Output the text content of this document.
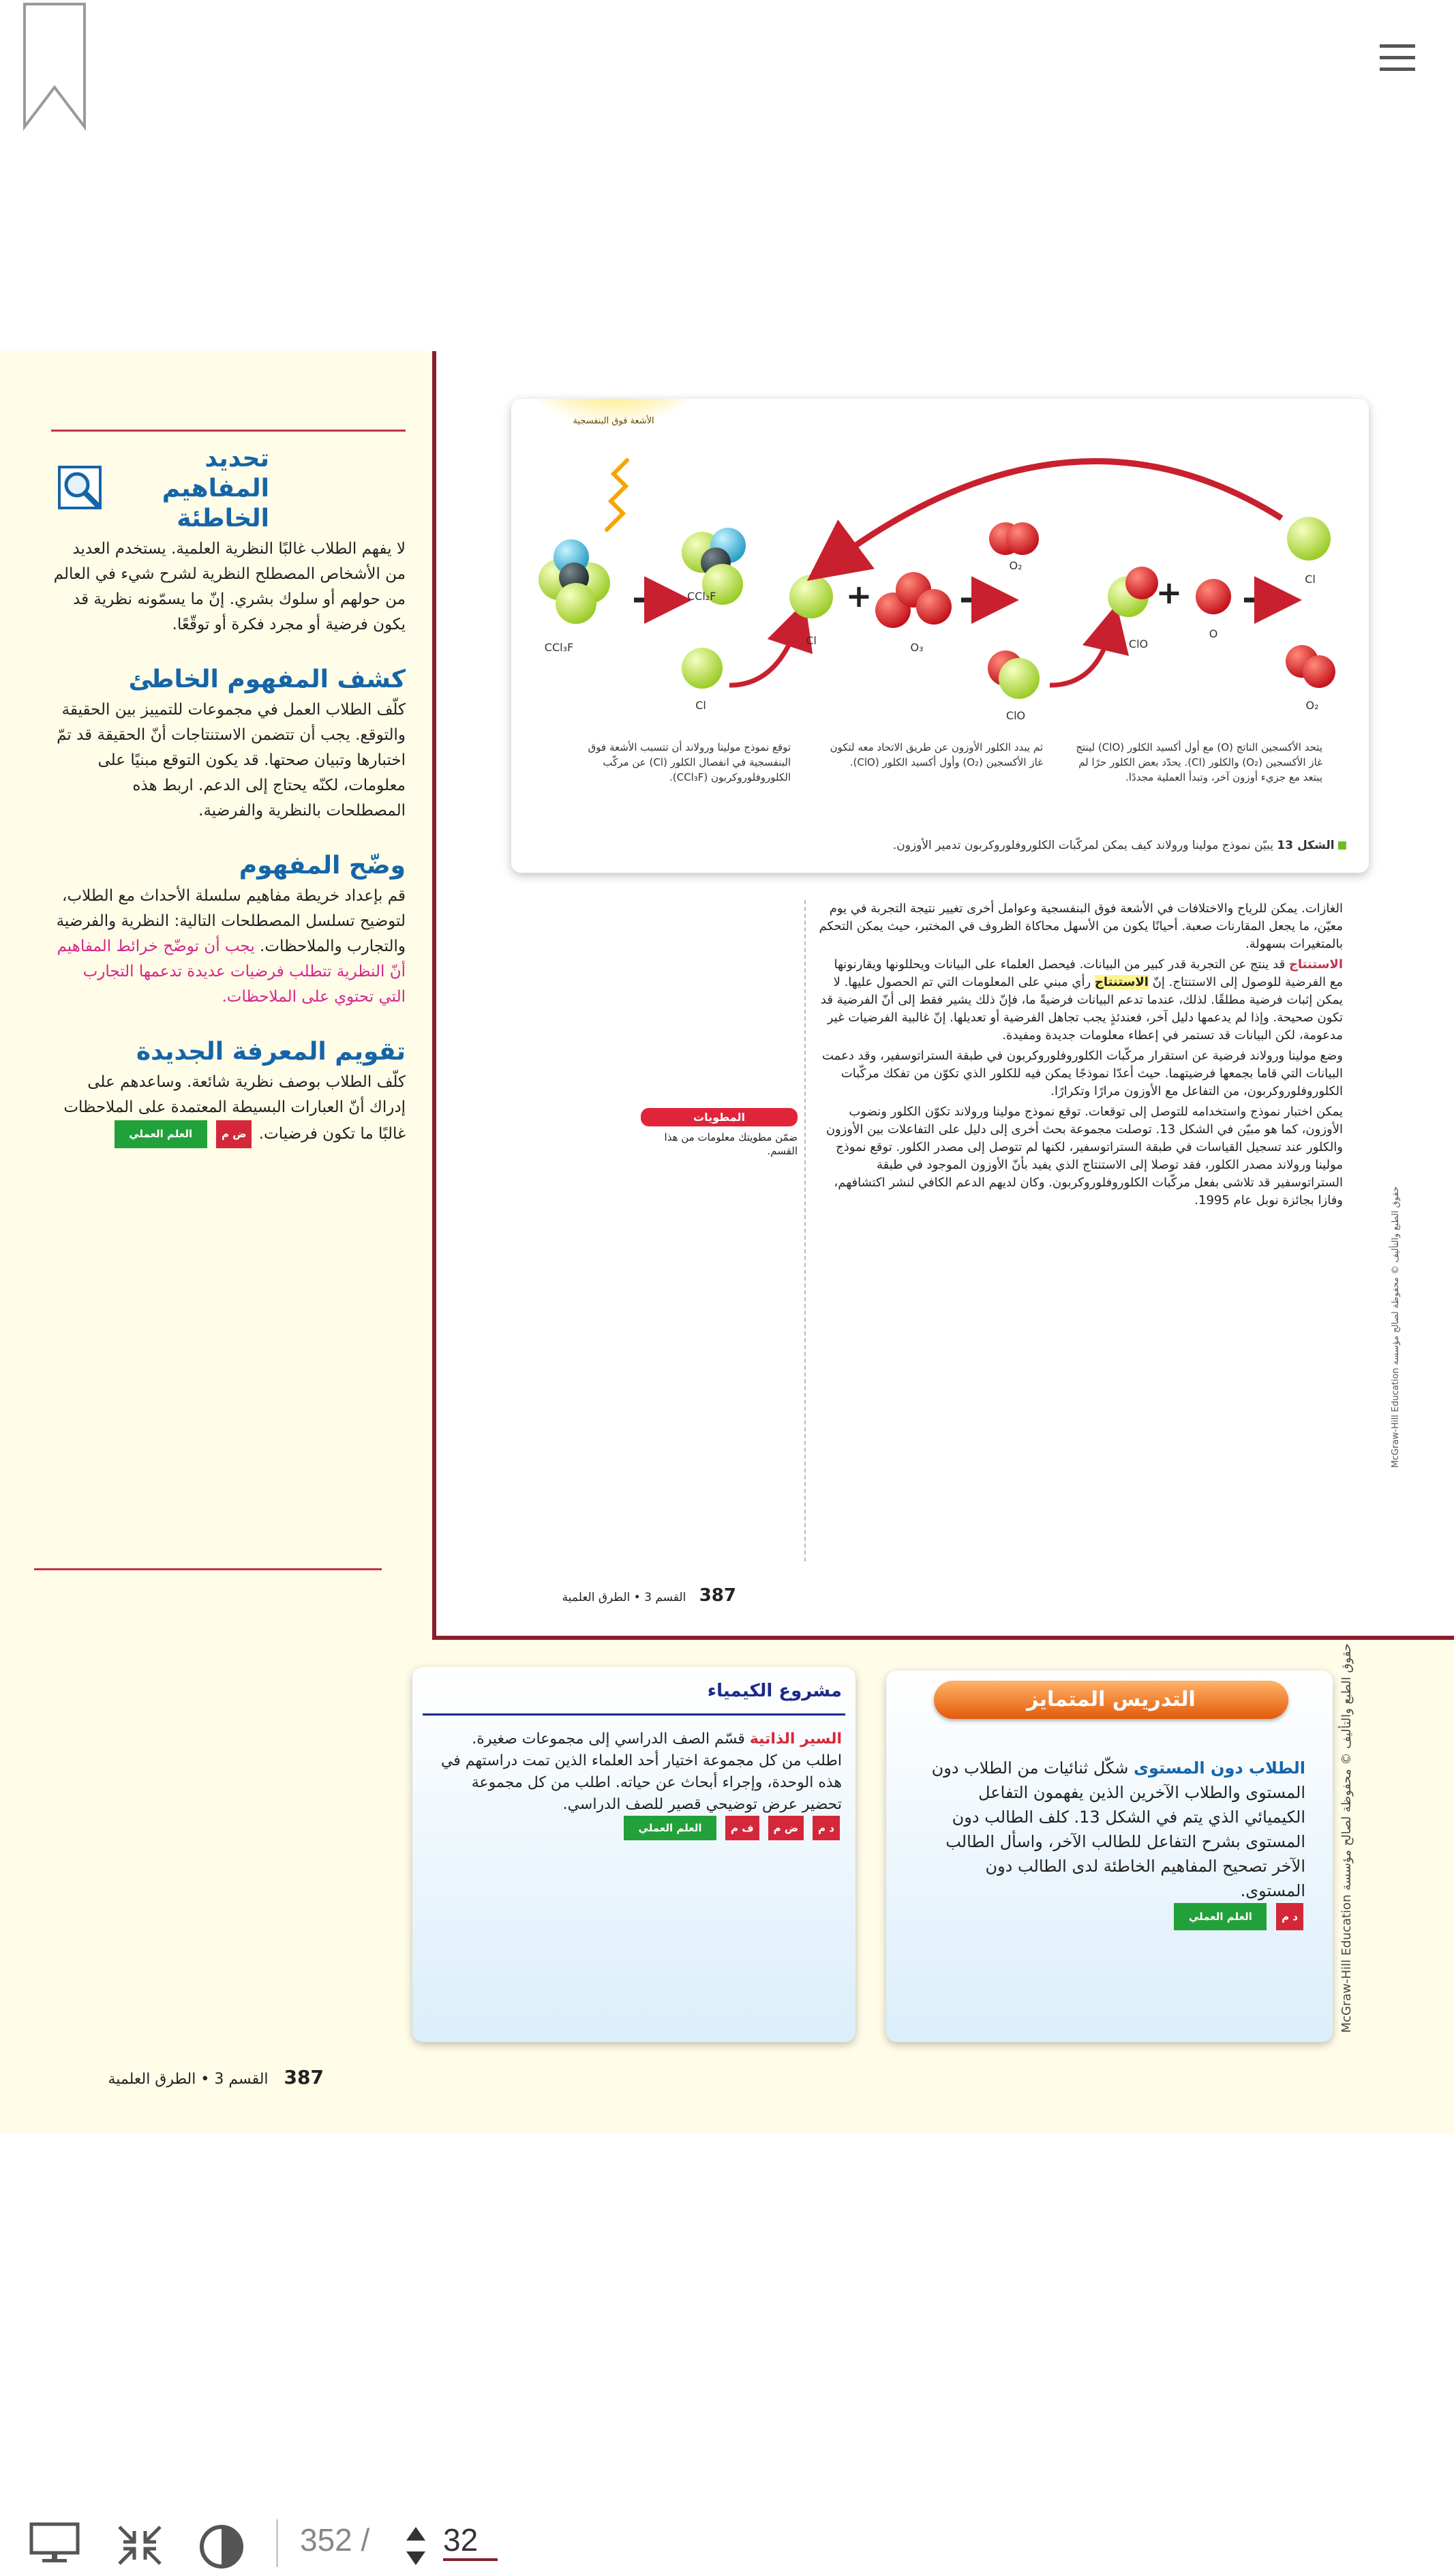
تحديد المفاهيم الخاطئة

لا يفهم الطلاب غالبًا النظرية العلمية. يستخدم العديد من الأشخاص المصطلح النظرية لشرح شيء في العالم من حولهم أو سلوك بشري. إنّ ما يسمّونه نظرية قد يكون فرضية أو مجرد فكرة أو توقّعًا.

كشف المفهوم الخاطئ

كلّف الطلاب العمل في مجموعات للتمييز بين الحقيقة والتوقع. يجب أن تتضمن الاستنتاجات أنّ الحقيقة قد تمّ اختبارها وتبيان صحتها. قد يكون التوقع مبنيًا على معلومات، لكنّه يحتاج إلى الدعم. اربط هذه المصطلحات بالنظرية والفرضية.

وضّح المفهوم

قم بإعداد خريطة مفاهيم سلسلة الأحداث مع الطلاب، لتوضيح تسلسل المصطلحات التالية: النظرية والفرضية والتجارب والملاحظات. يجب أن توضّح خرائط المفاهيم أنّ النظرية تتطلب فرضيات عديدة تدعمها التجارب التي تحتوي على الملاحظات.

تقويم المعرفة الجديدة

كلّف الطلاب بوصف نظرية شائعة. وساعدهم على إدراك أنّ العبارات البسيطة المعتمدة على الملاحظات غالبًا ما تكون فرضيات. ض م العلم العملي

الأشعة فوق البنفسجية
CCl₃F
CCl₂F
Cl
Cl
+
O₃
O₂
ClO
ClO
+
O
Cl
O₂
يتحد الأكسجين الناتج (O) مع أول أكسيد الكلور (ClO) لينتج غاز الأكسجين (O₂) والكلور (Cl). يحدّد بعض الكلور حرًا لم يبتعد مع جزيء أوزون آخر، وتبدأ العملية مجددًا.
ثم يبدد الكلور الأوزون عن طريق الاتحاد معه لتكون غاز الأكسجين (O₂) وأول أكسيد الكلور (ClO).
توقع نموذج مولينا ورولاند أن تتسبب الأشعة فوق البنفسجية في انفصال الكلور (Cl) عن مركّب الكلوروفلوروكربون (CCl₃F).
الشكل 13 يبيّن نموذج مولينا ورولاند كيف يمكن لمركّبات الكلوروفلوروكربون تدمير الأوزون.

الغازات. يمكن للرياح والاختلافات في الأشعة فوق البنفسجية وعوامل أخرى تغيير نتيجة التجربة في يوم معيّن، ما يجعل المقارنات صعبة. أحيانًا يكون من الأسهل محاكاة الظروف في المختبر، حيث يمكن التحكم بالمتغيرات بسهولة.

الاستنتاج قد ينتج عن التجربة قدر كبير من البيانات. فيحصل العلماء على البيانات ويحللونها ويقارنونها مع الفرضية للوصول إلى الاستنتاج. إنّ الاستنتاج رأي مبني على المعلومات التي تم الحصول عليها. لا يمكن إثبات فرضية مطلقًا. لذلك، عندما تدعم البيانات فرضيةً ما، فإنّ ذلك يشير فقط إلى أنّ الفرضية قد تكون صحيحة. وإذا لم يدعمها دليل آخر، فعندئذٍ يجب تجاهل الفرضية أو تعديلها. إنّ غالبية الفرضيات غير مدعومة، لكن البيانات قد تستمر في إعطاء معلومات جديدة ومفيدة.

وضع مولينا ورولاند فرضية عن استقرار مركّبات الكلوروفلوروكربون في طبقة الستراتوسفير، وقد دعمت البيانات التي قاما بجمعها فرضيتهما. حيث أعدّا نموذجًا يمكن فيه للكلور الذي تكوّن من تفكك مركّبات الكلوروفلوروكربون، من التفاعل مع الأوزون مرارًا وتكرارًا.

يمكن اختبار نموذج واستخدامه للتوصل إلى توقعات. توقع نموذج مولينا ورولاند تكوّن الكلور ونضوب الأوزون، كما هو مبيّن في الشكل 13. توصلت مجموعة بحث أخرى إلى دليل على التفاعلات بين الأوزون والكلور عند تسجيل القياسات في طبقة الستراتوسفير، لكنها لم تتوصل إلى مصدر الكلور. توقع نموذج مولينا ورولاند مصدر الكلور، فقد توصلا إلى الاستنتاج الذي يفيد بأنّ الأوزون الموجود في طبقة الستراتوسفير قد تلاشى بفعل مركّبات الكلوروفلوروكربون. وكان لديهم الدعم الكافي لنشر اكتشافهم، وفازا بجائزة نوبل عام 1995.

المطويات
ضمّن مطويتك معلومات من هذا القسم.
حقوق الطبع والتأليف © محفوظة لصالح مؤسسة McGraw-Hill Education
387 القسم 3 • الطرق العلمية
التدريس المتمايز
الطلاب دون المستوى شكّل ثنائيات من الطلاب دون المستوى والطلاب الآخرين الذين يفهمون التفاعل الكيميائي الذي يتم في الشكل 13. كلف الطالب دون المستوى بشرح التفاعل للطالب الآخر، واسأل الطالب الآخر تصحيح المفاهيم الخاطئة لدى الطالب دون المستوى.
د م العلم العملي
مشروع الكيمياء
السير الذاتية قسّم الصف الدراسي إلى مجموعات صغيرة. اطلب من كل مجموعة اختيار أحد العلماء الذين تمت دراستهم في هذه الوحدة، وإجراء أبحاث عن حياته. اطلب من كل مجموعة تحضير عرض توضيحي قصير للصف الدراسي.
د م ض م ف م العلم العملي
حقوق الطبع والتأليف © محفوظة لصالح مؤسسة McGraw-Hill Education
387 القسم 3 • الطرق العلمية
352 / 32
